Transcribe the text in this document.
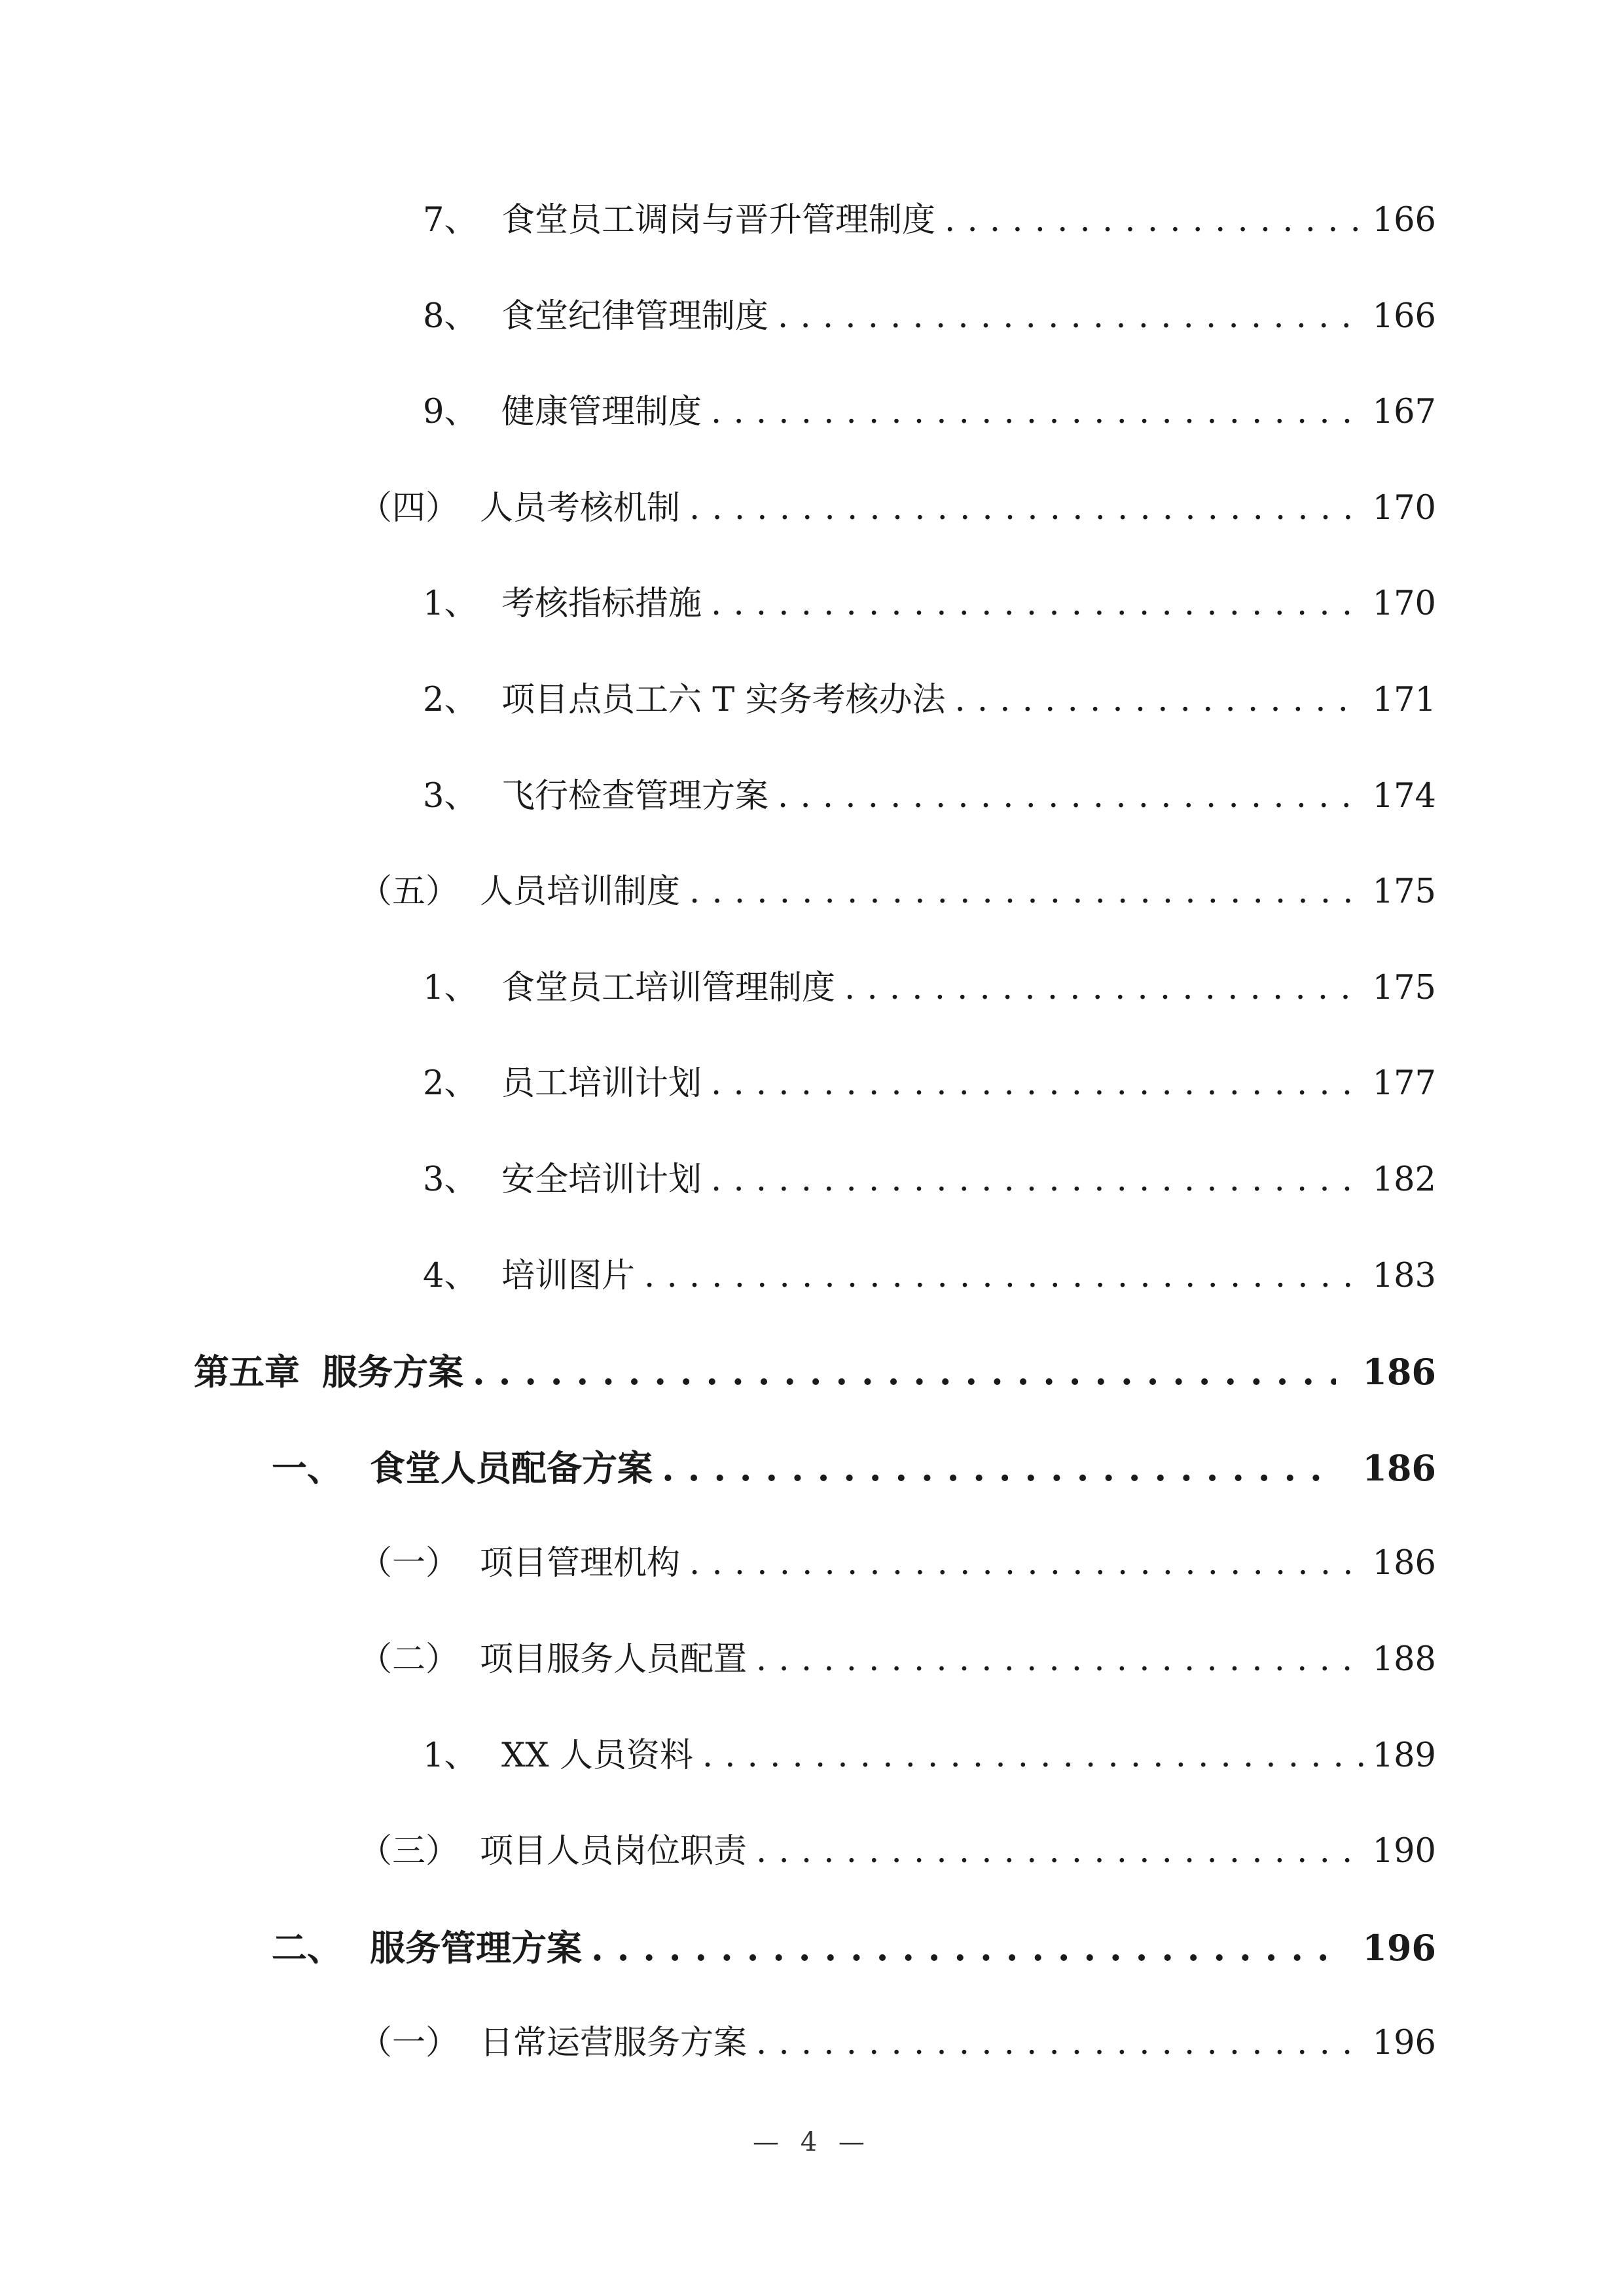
7、 食堂员工调岗与晋升管理制度 . . .	166
8、 食堂纪律管理制度 . . .	166
9、 健康管理制度 . . .	167
（四） 人员考核机制 . . .	170
1、 考核指标措施 . . .	170
2、 项目点员工六 T 实务考核办法 . . .	171
3、 飞行检查管理方案 . . .	174
（五） 人员培训制度 . . .	175
1、 食堂员工培训管理制度 . . .	175
2、 员工培训计划 . . .	177
3、 安全培训计划 . . .	182
4、 培训图片 . . .	183
第五章 服务方案 . . .	186
一、 食堂人员配备方案 . . .	186
（一） 项目管理机构 . . .	186
（二） 项目服务人员配置 . . .	188
1、 XX 人员资料 . . .	189
（三） 项目人员岗位职责 . . .	190
二、 服务管理方案 . . .	196
（一） 日常运营服务方案 . . .	196
— 4 —
